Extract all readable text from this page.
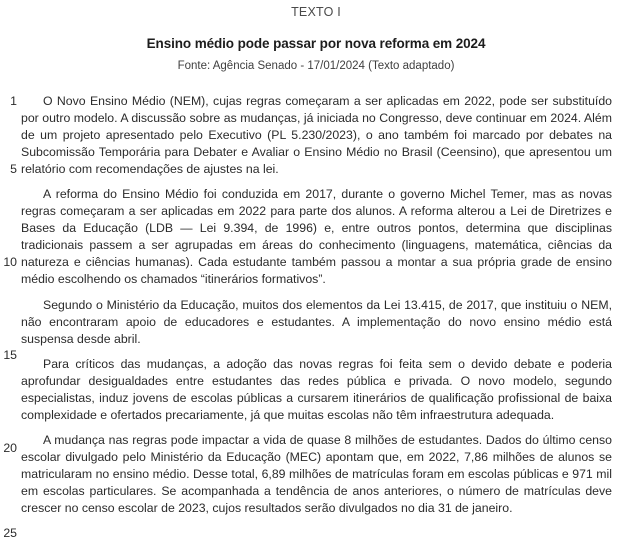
TEXTO I

Ensino médio pode passar por nova reforma em 2024

Fonte: Agência Senado - 17/01/2024 (Texto adaptado)

1
5
10
15
20
25

O Novo Ensino Médio (NEM), cujas regras começaram a ser aplicadas em 2022, pode ser substituído por outro modelo. A discussão sobre as mudanças, já iniciada no Congresso, deve continuar em 2024. Além de um projeto apresentado pelo Executivo (PL 5.230/2023), o ano também foi marcado por debates na Subcomissão Temporária para Debater e Avaliar o Ensino Médio no Brasil (Ceensino), que apresentou um relatório com recomendações de ajustes na lei.

A reforma do Ensino Médio foi conduzida em 2017, durante o governo Michel Temer, mas as novas regras começaram a ser aplicadas em 2022 para parte dos alunos. A reforma alterou a Lei de Diretrizes e Bases da Educação (LDB — Lei 9.394, de 1996) e, entre outros pontos, determina que disciplinas tradicionais passem a ser agrupadas em áreas do conhecimento (linguagens, matemática, ciências da natureza e ciências humanas). Cada estudante também passou a montar a sua própria grade de ensino médio escolhendo os chamados “itinerários formativos”.

Segundo o Ministério da Educação, muitos dos elementos da Lei 13.415, de 2017, que instituiu o NEM, não encontraram apoio de educadores e estudantes. A implementação do novo ensino médio está suspensa desde abril.

Para críticos das mudanças, a adoção das novas regras foi feita sem o devido debate e poderia aprofundar desigualdades entre estudantes das redes pública e privada. O novo modelo, segundo especialistas, induz jovens de escolas públicas a cursarem itinerários de qualificação profissional de baixa complexidade e ofertados precariamente, já que muitas escolas não têm infraestrutura adequada.

A mudança nas regras pode impactar a vida de quase 8 milhões de estudantes. Dados do último censo escolar divulgado pelo Ministério da Educação (MEC) apontam que, em 2022, 7,86 milhões de alunos se matricularam no ensino médio. Desse total, 6,89 milhões de matrículas foram em escolas públicas e 971 mil em escolas particulares. Se acompanhada a tendência de anos anteriores, o número de matrículas deve crescer no censo escolar de 2023, cujos resultados serão divulgados no dia 31 de janeiro.
